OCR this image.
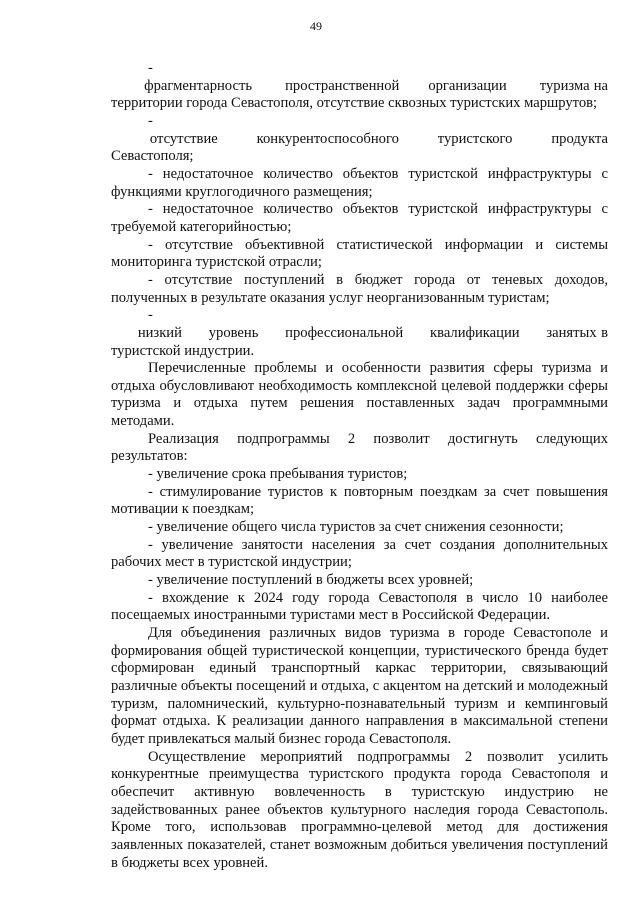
49

-        фрагментарность        пространственной       организации        туризма на территории города Севастополя, отсутствие сквозных туристских маршрутов;

-          отсутствие          конкурентоспособного          туристского          продукта Севастополя;

- недостаточное количество объектов туристской инфраструктуры с функциями круглогодичного размещения;

- недостаточное количество объектов туристской инфраструктуры с требуемой категорийностью;

- отсутствие объективной статистической информации и системы мониторинга туристской отрасли;

- отсутствие поступлений в бюджет города от теневых доходов, полученных в результате оказания услуг неорганизованным туристам;

-      низкий      уровень      профессиональной      квалификации      занятых в туристской индустрии.

Перечисленные проблемы и особенности развития сферы туризма и отдыха обусловливают необходимость комплексной целевой поддержки сферы туризма и отдыха путем решения поставленных задач программными методами.

Реализация подпрограммы 2 позволит достигнуть следующих результатов:

- увеличение срока пребывания туристов;

- стимулирование туристов к повторным поездкам за счет повышения мотивации к поездкам;

- увеличение общего числа туристов за счет снижения сезонности;

- увеличение занятости населения за счет создания дополнительных рабочих мест в туристской индустрии;

- увеличение поступлений в бюджеты всех уровней;

- вхождение к 2024 году города Севастополя в число 10 наиболее посещаемых иностранными туристами мест в Российской Федерации.

Для объединения различных видов туризма в городе Севастополе и формирования общей туристической концепции, туристического бренда будет сформирован единый транспортный каркас территории, связывающий различные объекты посещений и отдыха, с акцентом на детский и молодежный туризм, паломнический, культурно-познавательный туризм и кемпинговый формат отдыха. К реализации данного направления в максимальной степени будет привлекаться малый бизнес города Севастополя.

Осуществление мероприятий подпрограммы 2 позволит усилить конкурентные преимущества туристского продукта города Севастополя и обеспечит активную вовлеченность в туристскую индустрию не задействованных ранее объектов культурного наследия города Севастополь. Кроме того, использовав программно-целевой метод для достижения заявленных показателей, станет возможным добиться увеличения поступлений в бюджеты всех уровней.
